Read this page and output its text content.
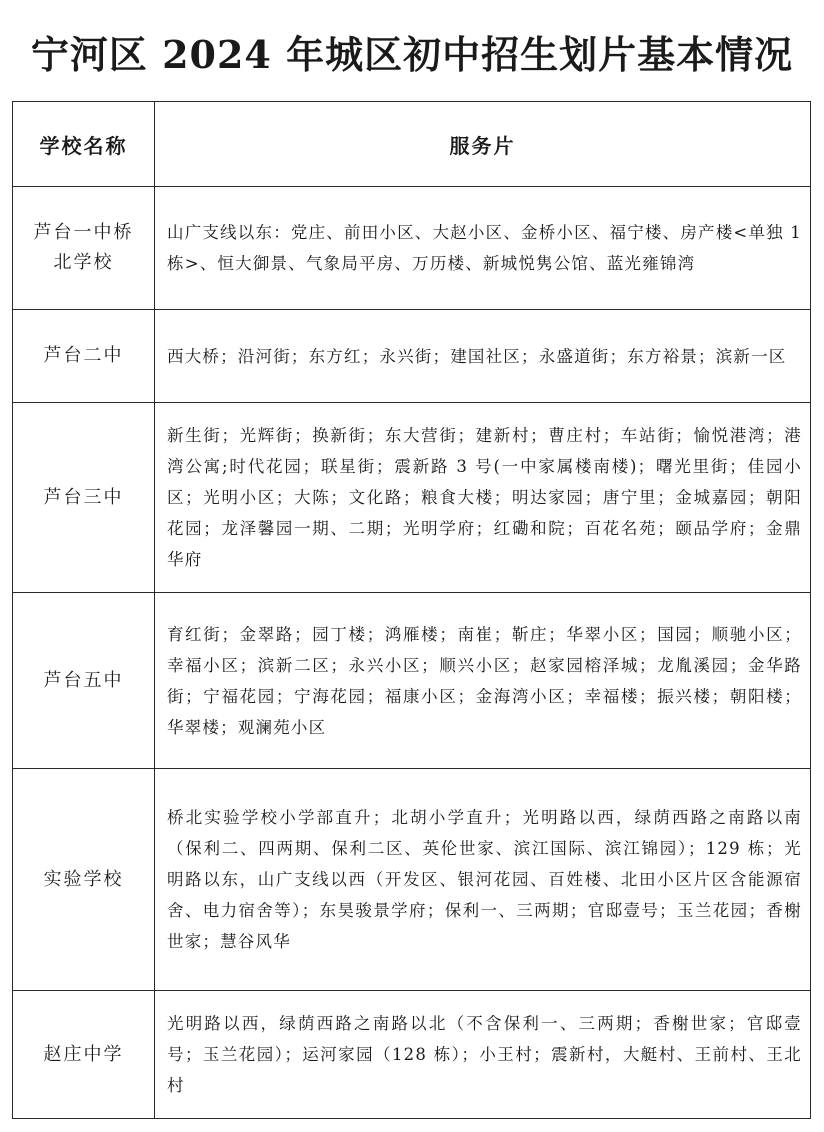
宁河区 2024 年城区初中招生划片基本情况
学校名称	服务片
芦台一中桥北学校	山广支线以东：党庄、前田小区、大赵小区、金桥小区、福宁楼、房产楼<单独 1 栋>、恒大御景、气象局平房、万历楼、新城悦隽公馆、蓝光雍锦湾
芦台二中	西大桥；沿河街；东方红；永兴街；建国社区；永盛道街；东方裕景；滨新一区
芦台三中	新生街；光辉街；换新街；东大营街；建新村；曹庄村；车站街；愉悦港湾；港湾公寓;时代花园；联星街；震新路 3 号(一中家属楼南楼)；曙光里街；佳园小区；光明小区；大陈；文化路；粮食大楼；明达家园；唐宁里；金城嘉园；朝阳花园；龙泽馨园一期、二期；光明学府；红磡和院；百花名苑；颐品学府；金鼎华府
芦台五中	育红街；金翠路；园丁楼；鸿雁楼；南崔；靳庄；华翠小区；国园；顺驰小区；幸福小区；滨新二区；永兴小区；顺兴小区；赵家园榕泽城；龙胤溪园；金华路街；宁福花园；宁海花园；福康小区；金海湾小区；幸福楼；振兴楼；朝阳楼；华翠楼；观澜苑小区
实验学校	桥北实验学校小学部直升；北胡小学直升；光明路以西，绿荫西路之南路以南（保利二、四两期、保利二区、英伦世家、滨江国际、滨江锦园）；129 栋；光明路以东，山广支线以西（开发区、银河花园、百姓楼、北田小区片区含能源宿舍、电力宿舍等）；东昊骏景学府；保利一、三两期；官邸壹号；玉兰花园；香榭世家；慧谷风华
赵庄中学	光明路以西，绿荫西路之南路以北（不含保利一、三两期；香榭世家；官邸壹号；玉兰花园）；运河家园（128 栋）；小王村；震新村，大艇村、王前村、王北村
